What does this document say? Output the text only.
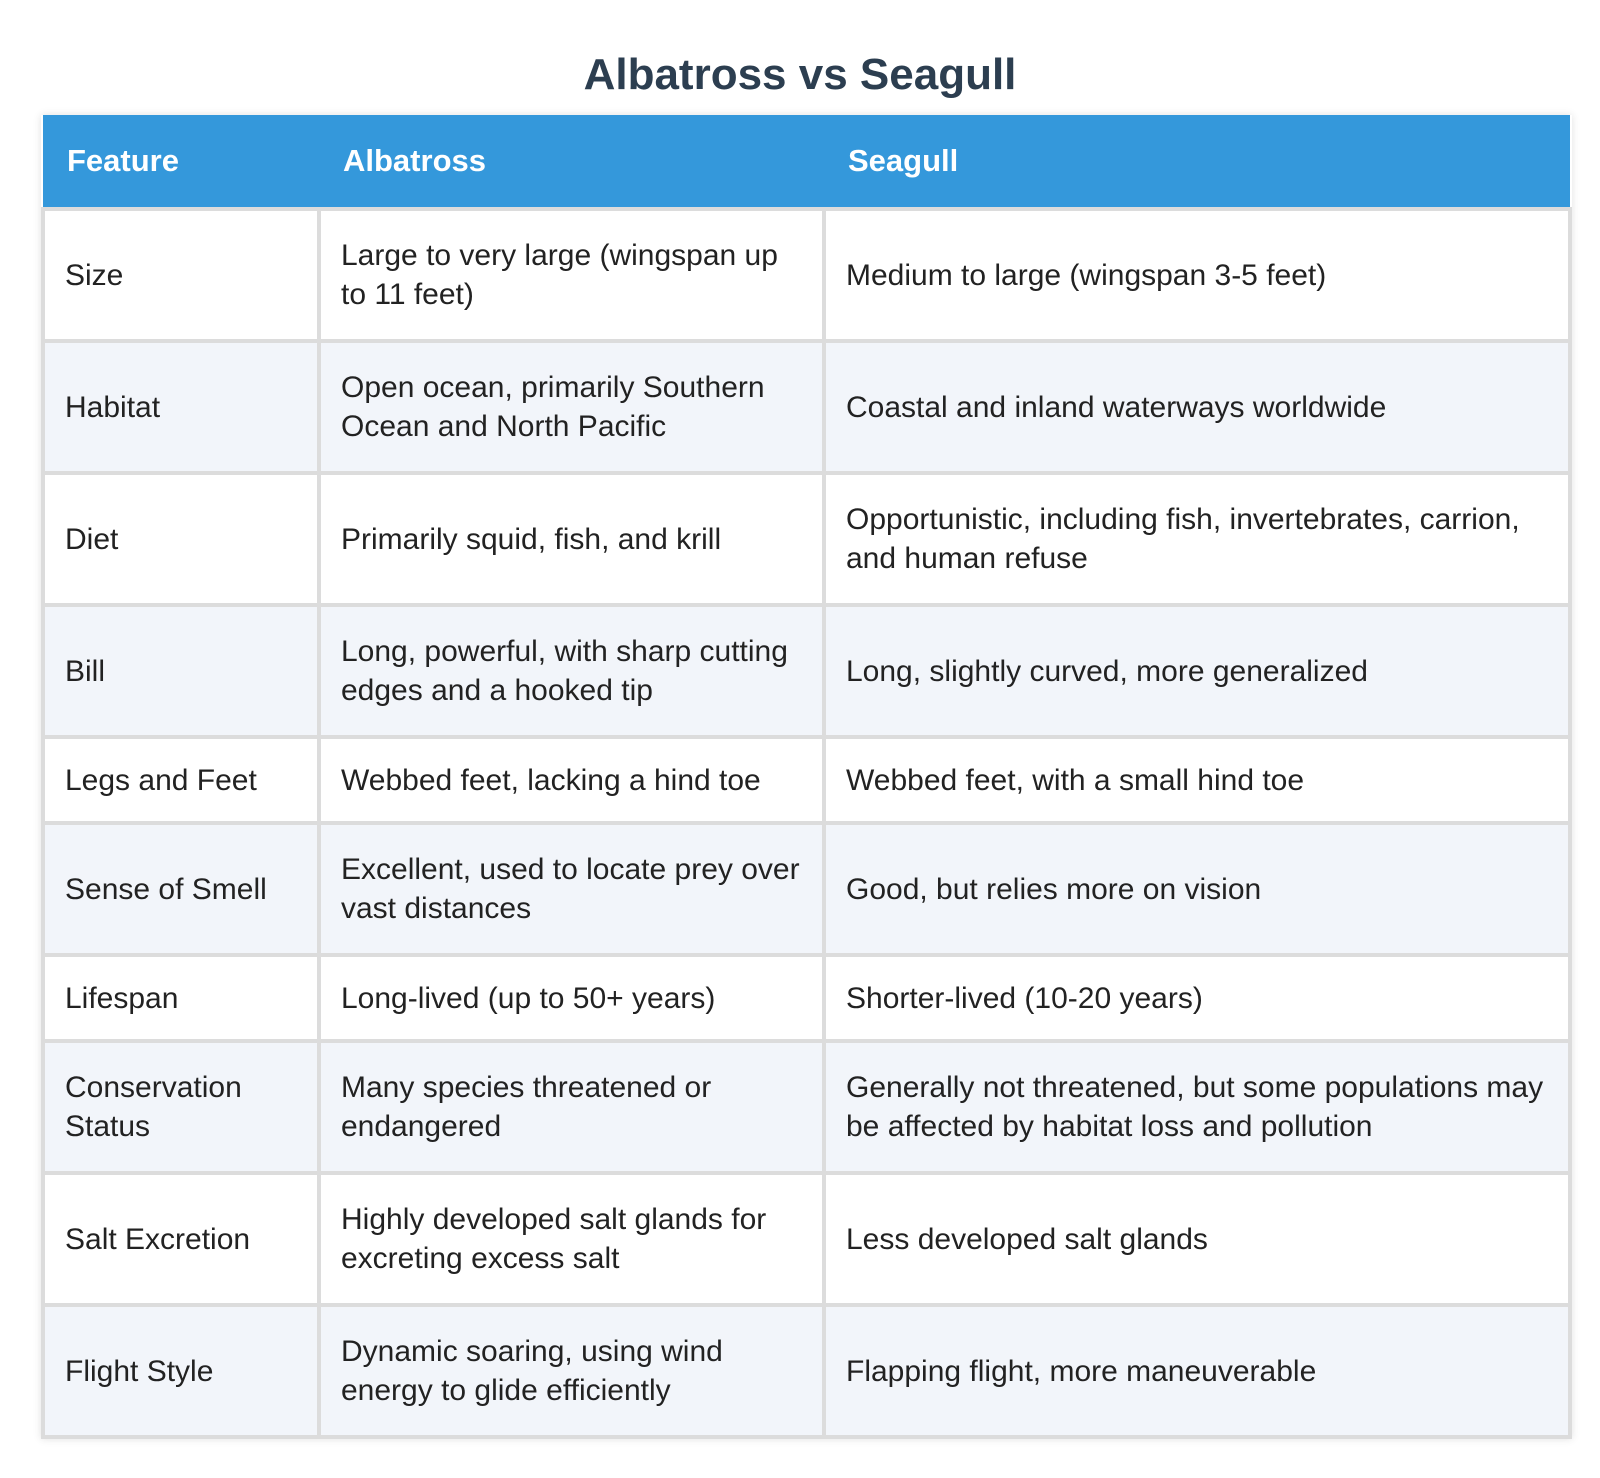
Albatross vs Seagull
Feature	Albatross	Seagull
Size	Large to very large (wingspan up to 11 feet)	Medium to large (wingspan 3-5 feet)
Habitat	Open ocean, primarily Southern Ocean and North Pacific	Coastal and inland waterways worldwide
Diet	Primarily squid, fish, and krill	Opportunistic, including fish, invertebrates, carrion, and human refuse
Bill	Long, powerful, with sharp cutting edges and a hooked tip	Long, slightly curved, more generalized
Legs and Feet	Webbed feet, lacking a hind toe	Webbed feet, with a small hind toe
Sense of Smell	Excellent, used to locate prey over vast distances	Good, but relies more on vision
Lifespan	Long-lived (up to 50+ years)	Shorter-lived (10-20 years)
Conservation Status	Many species threatened or endangered	Generally not threatened, but some populations may be affected by habitat loss and pollution
Salt Excretion	Highly developed salt glands for excreting excess salt	Less developed salt glands
Flight Style	Dynamic soaring, using wind energy to glide efficiently	Flapping flight, more maneuverable
